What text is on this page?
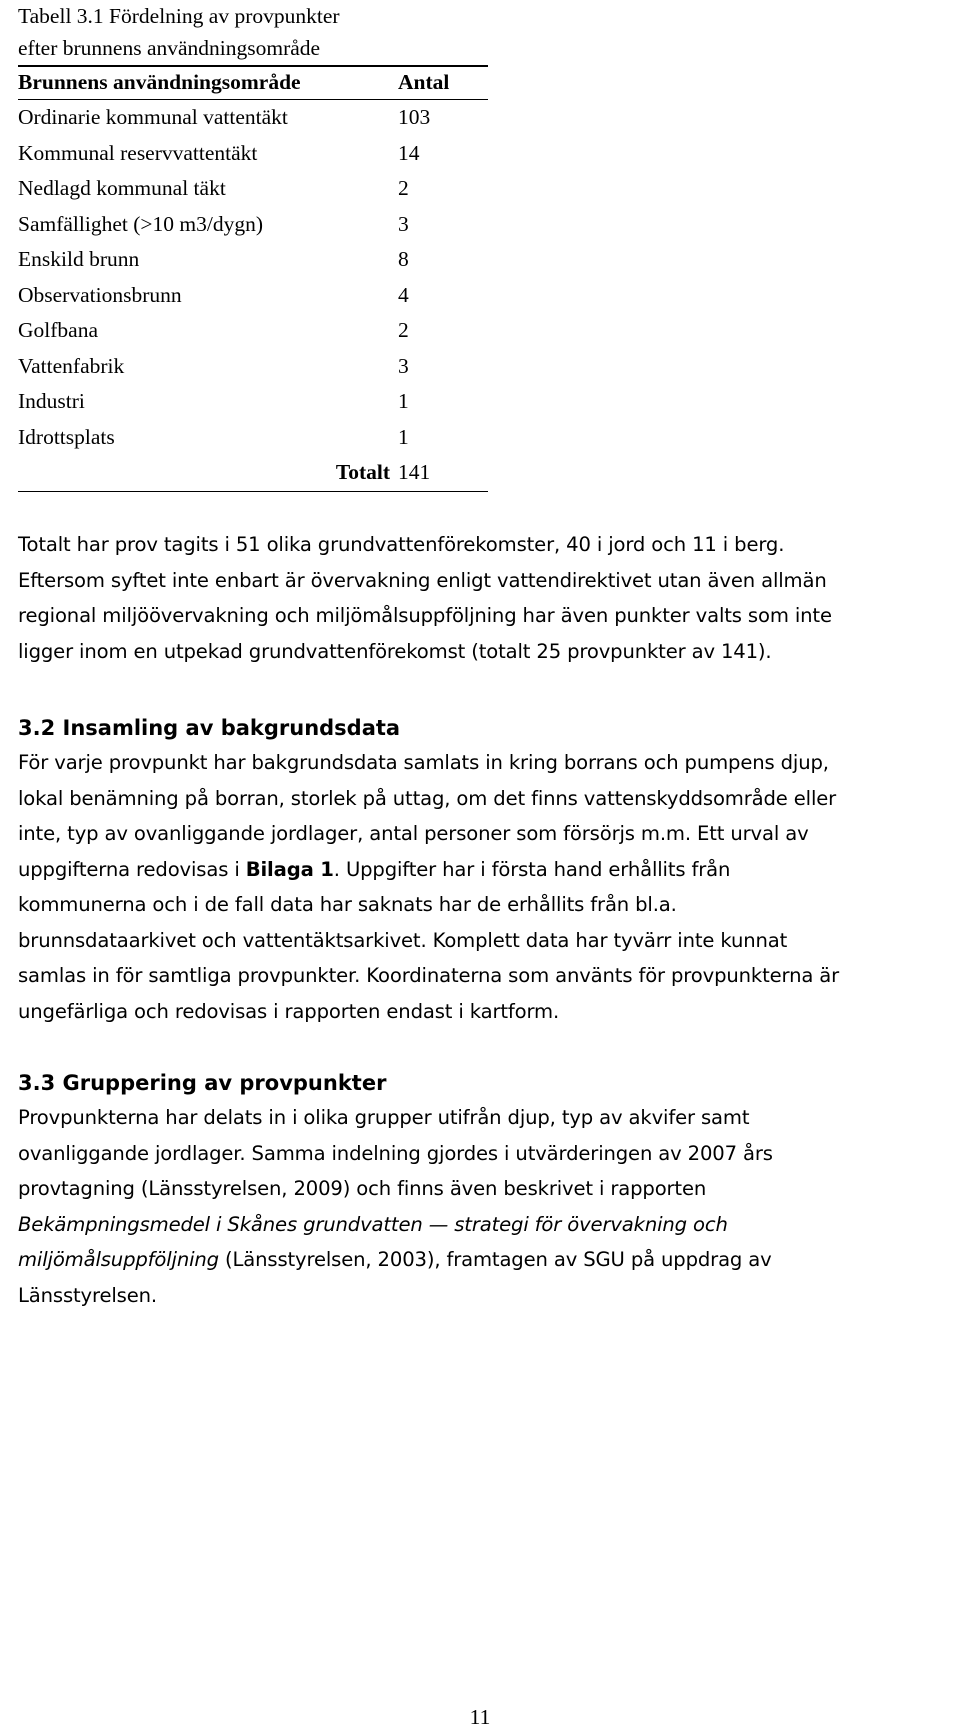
Tabell 3.1 Fördelning av provpunkter
efter brunnens användningsområde
Brunnens användningsområde	Antal
Ordinarie kommunal vattentäkt	103
Kommunal reservvattentäkt	14
Nedlagd kommunal täkt	2
Samfällighet (>10 m3/dygn)	3
Enskild brunn	8
Observationsbrunn	4
Golfbana	2
Vattenfabrik	3
Industri	1
Idrottsplats	1
Totalt	141
Totalt har prov tagits i 51 olika grundvattenförekomster, 40 i jord och 11 i berg.
Eftersom syftet inte enbart är övervakning enligt vattendirektivet utan även allmän
regional miljöövervakning och miljömålsuppföljning har även punkter valts som inte
ligger inom en utpekad grundvattenförekomst (totalt 25 provpunkter av 141).
3.2 Insamling av bakgrundsdata
För varje provpunkt har bakgrundsdata samlats in kring borrans och pumpens djup,
lokal benämning på borran, storlek på uttag, om det finns vattenskyddsområde eller
inte, typ av ovanliggande jordlager, antal personer som försörjs m.m. Ett urval av
uppgifterna redovisas i Bilaga 1. Uppgifter har i första hand erhållits från
kommunerna och i de fall data har saknats har de erhållits från bl.a.
brunnsdataarkivet och vattentäktsarkivet. Komplett data har tyvärr inte kunnat
samlas in för samtliga provpunkter. Koordinaterna som använts för provpunkterna är
ungefärliga och redovisas i rapporten endast i kartform.
3.3 Gruppering av provpunkter
Provpunkterna har delats in i olika grupper utifrån djup, typ av akvifer samt
ovanliggande jordlager. Samma indelning gjordes i utvärderingen av 2007 års
provtagning (Länsstyrelsen, 2009) och finns även beskrivet i rapporten
Bekämpningsmedel i Skånes grundvatten — strategi för övervakning och
miljömålsuppföljning (Länsstyrelsen, 2003), framtagen av SGU på uppdrag av
Länsstyrelsen.
11
